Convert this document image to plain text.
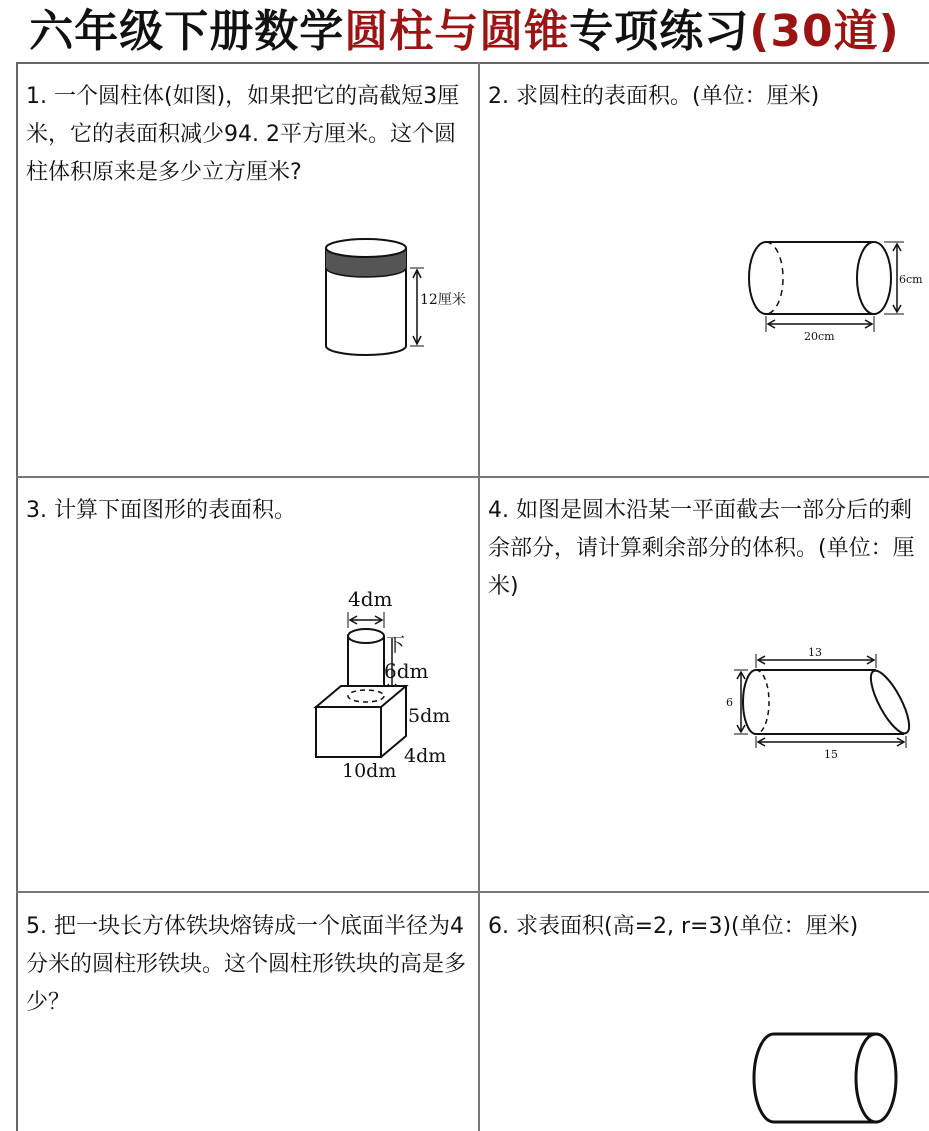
六年级下册数学圆柱与圆锥专项练习(30道)

1. 一个圆柱体(如图)，如果把它的高截短3厘米，它的表面积减少94. 2平方厘米。这个圆柱体积原来是多少立方厘米?

12厘米

2. 求圆柱的表面积。(单位：厘米)

6cm
20cm

3. 计算下面图形的表面积。

4dm
下
6dm
5dm
4dm
10dm

4. 如图是圆木沿某一平面截去一部分后的剩余部分，请计算剩余部分的体积。(单位：厘米)

13
6
15

5. 把一块长方体铁块熔铸成一个底面半径为4分米的圆柱形铁块。这个圆柱形铁块的高是多少？

6. 求表面积(高=2, r=3)(单位：厘米)
